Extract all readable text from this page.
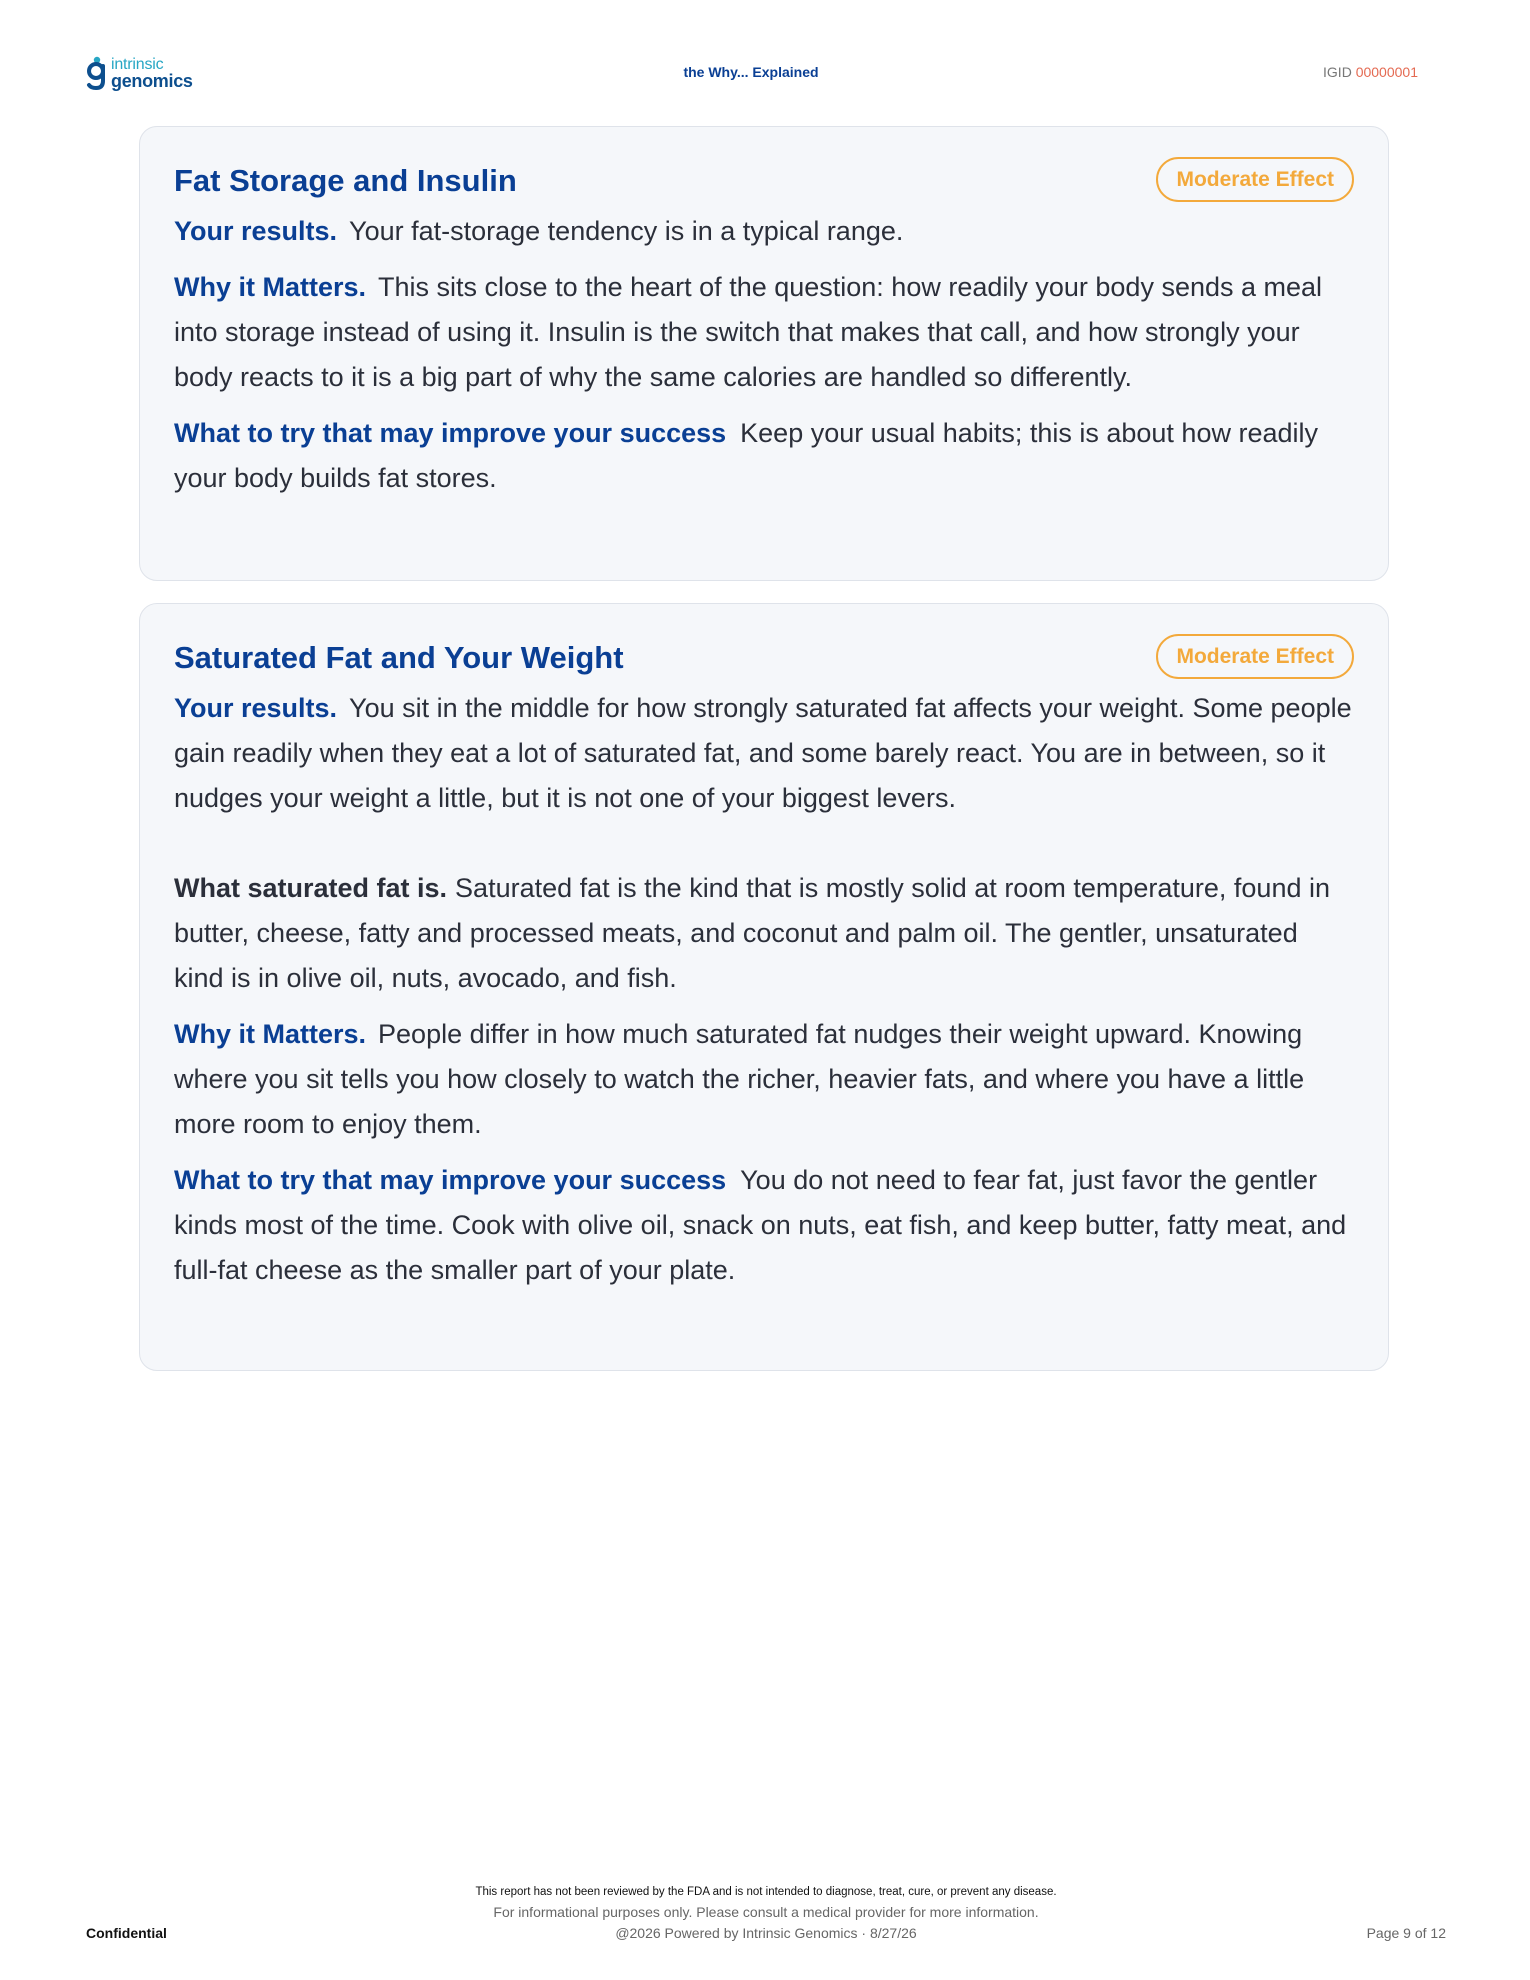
intrinsic
genomics	the Why... Explained	IGID 00000001
Fat Storage and Insulin	Moderate Effect

Your results. Your fat-storage tendency is in a typical range.

Why it Matters. This sits close to the heart of the question: how readily your body sends a meal into storage instead of using it. Insulin is the switch that makes that call, and how strongly your body reacts to it is a big part of why the same calories are handled so differently.

What to try that may improve your success Keep your usual habits; this is about how readily your body builds fat stores.

Saturated Fat and Your Weight	Moderate Effect

Your results. You sit in the middle for how strongly saturated fat affects your weight. Some people gain readily when they eat a lot of saturated fat, and some barely react. You are in between, so it nudges your weight a little, but it is not one of your biggest levers.

What saturated fat is. Saturated fat is the kind that is mostly solid at room temperature, found in butter, cheese, fatty and processed meats, and coconut and palm oil. The gentler, unsaturated kind is in olive oil, nuts, avocado, and fish.

Why it Matters. People differ in how much saturated fat nudges their weight upward. Knowing where you sit tells you how closely to watch the richer, heavier fats, and where you have a little more room to enjoy them.

What to try that may improve your success You do not need to fear fat, just favor the gentler kinds most of the time. Cook with olive oil, snack on nuts, eat fish, and keep butter, fatty meat, and full-fat cheese as the smaller part of your plate.

This report has not been reviewed by the FDA and is not intended to diagnose, treat, cure, or prevent any disease.
For informational purposes only. Please consult a medical provider for more information.
@2026 Powered by Intrinsic Genomics · 8/27/26
Confidential	Page 9 of 12
